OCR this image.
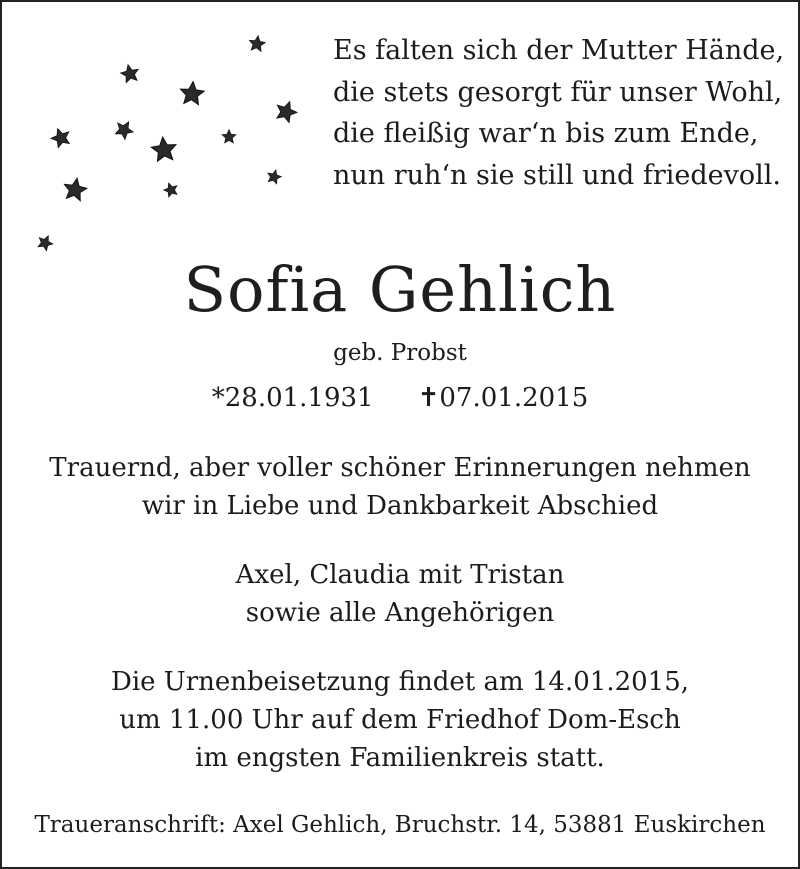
Es falten sich der Mutter Hände,
die stets gesorgt für unser Wohl,
die fleißig war‘n bis zum Ende,
nun ruh‘n sie still und friedevoll.
Sofia Gehlich
geb. Probst
*28.01.1931 ✝07.01.2015
Trauernd, aber voller schöner Erinnerungen nehmen
wir in Liebe und Dankbarkeit Abschied
Axel, Claudia mit Tristan
sowie alle Angehörigen
Die Urnenbeisetzung findet am 14.01.2015,
um 11.00 Uhr auf dem Friedhof Dom-Esch
im engsten Familienkreis statt.
Traueranschrift: Axel Gehlich, Bruchstr. 14, 53881 Euskirchen
